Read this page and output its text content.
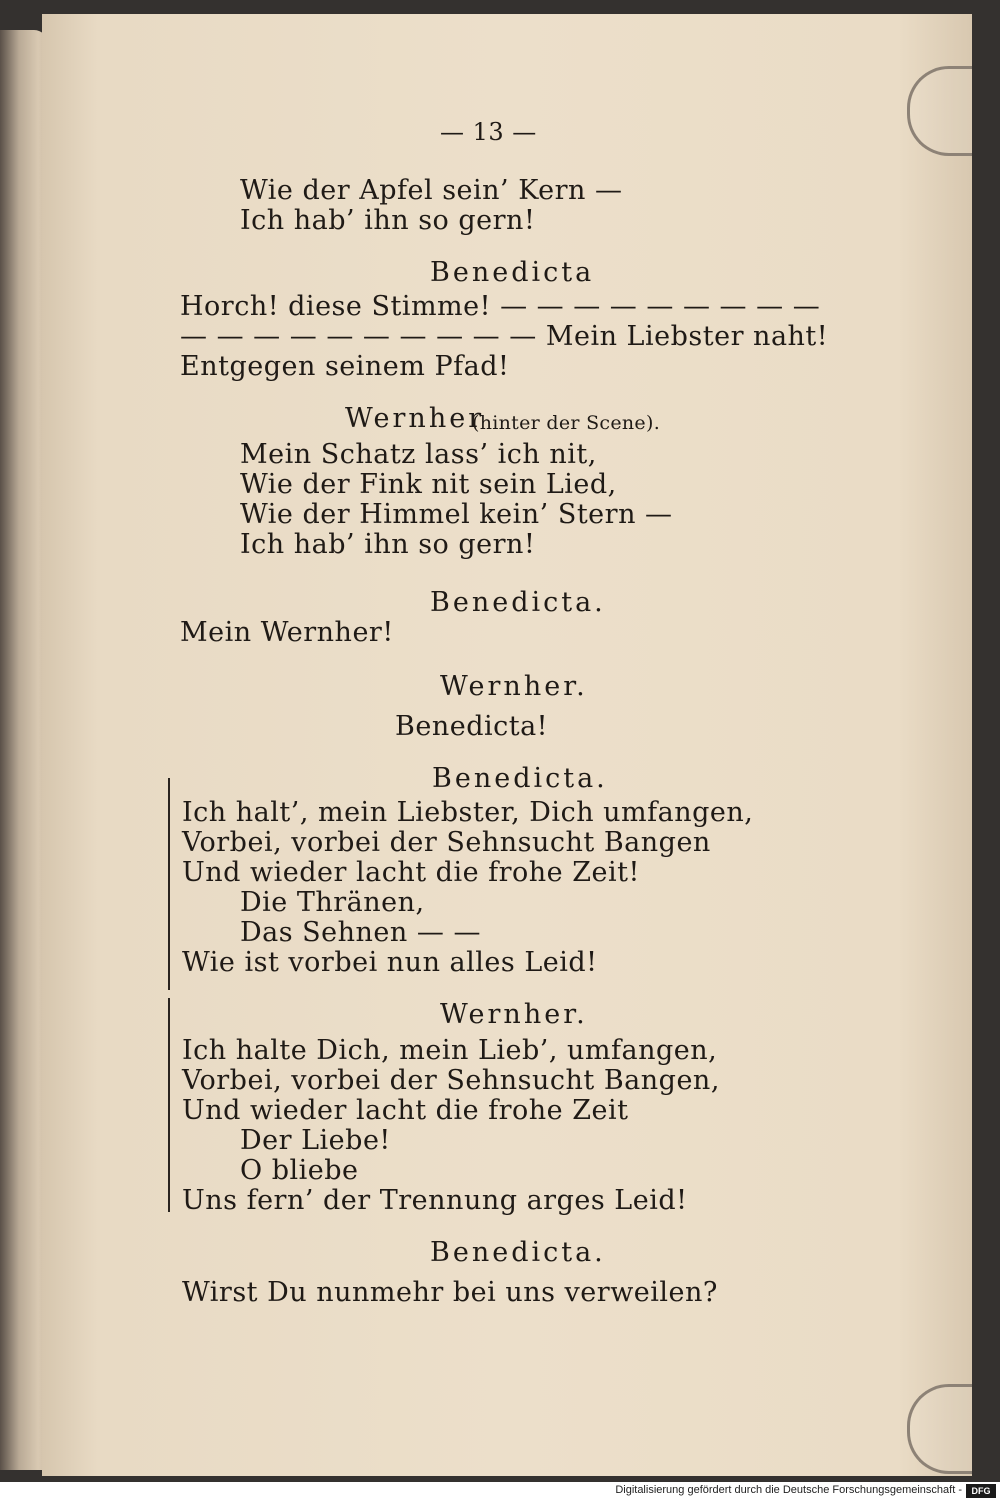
— 13 —
Wie der Apfel sein’ Kern —
Ich hab’ ihn so gern!
Benedicta
Horch! diese Stimme! — — — — — — — — —
— — — — — — — — — — Mein Liebster naht!
Entgegen seinem Pfad!
Wernher
(hinter der Scene).
Mein Schatz lass’ ich nit,
Wie der Fink nit sein Lied,
Wie der Himmel kein’ Stern —
Ich hab’ ihn so gern!
Benedicta.
Mein Wernher!
Wernher.
Benedicta!
Benedicta.
Ich halt’, mein Liebster, Dich umfangen,
Vorbei, vorbei der Sehnsucht Bangen
Und wieder lacht die frohe Zeit!
Die Thränen,
Das Sehnen — —
Wie ist vorbei nun alles Leid!
Wernher.
Ich halte Dich, mein Lieb’, umfangen,
Vorbei, vorbei der Sehnsucht Bangen,
Und wieder lacht die frohe Zeit
Der Liebe!
O bliebe
Uns fern’ der Trennung arges Leid!
Benedicta.
Wirst Du nunmehr bei uns verweilen?
Digitalisierung gefördert durch die Deutsche Forschungsgemeinschaft -	DFG
